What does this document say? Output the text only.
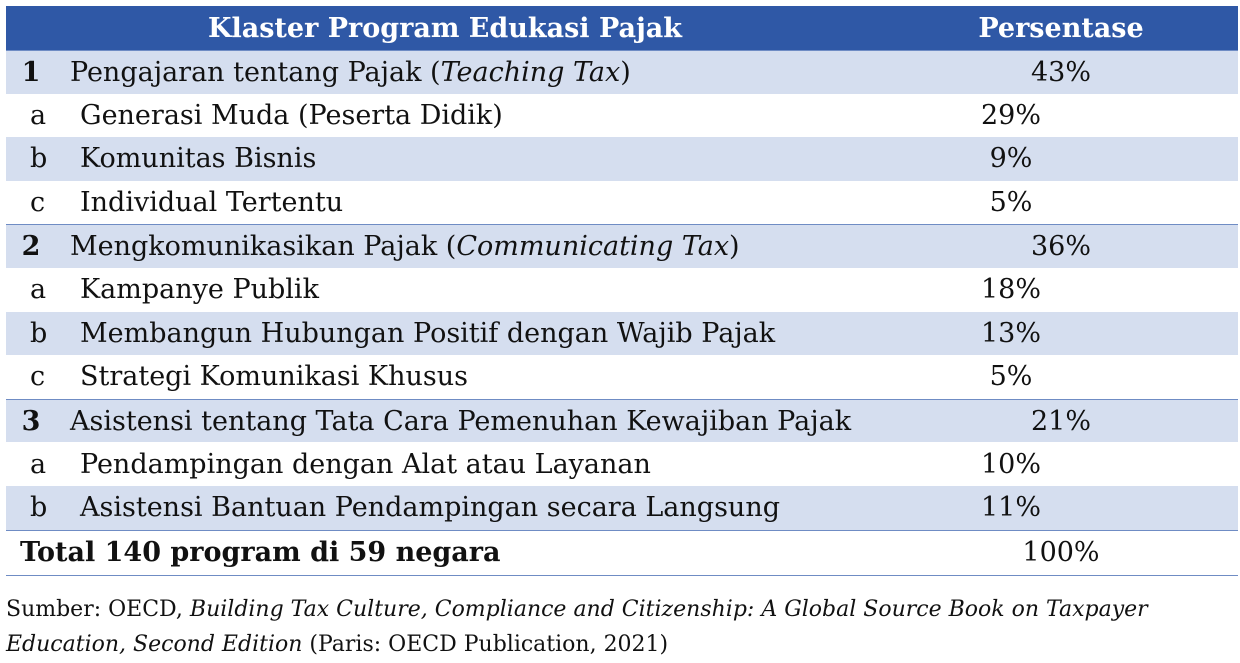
Klaster Program Edukasi Pajak	Persentase
1	Pengajaran tentang Pajak (Teaching Tax)	43%
a	Generasi Muda (Peserta Didik)	29%
b	Komunitas Bisnis	9%
c	Individual Tertentu	5%
2	Mengkomunikasikan Pajak (Communicating Tax)	36%
a	Kampanye Publik	18%
b	Membangun Hubungan Positif dengan Wajib Pajak	13%
c	Strategi Komunikasi Khusus	5%
3	Asistensi tentang Tata Cara Pemenuhan Kewajiban Pajak	21%
a	Pendampingan dengan Alat atau Layanan	10%
b	Asistensi Bantuan Pendampingan secara Langsung	11%
Total 140 program di 59 negara	100%
Sumber: OECD, Building Tax Culture, Compliance and Citizenship: A Global Source Book on Taxpayer Education, Second Edition (Paris: OECD Publication, 2021)
